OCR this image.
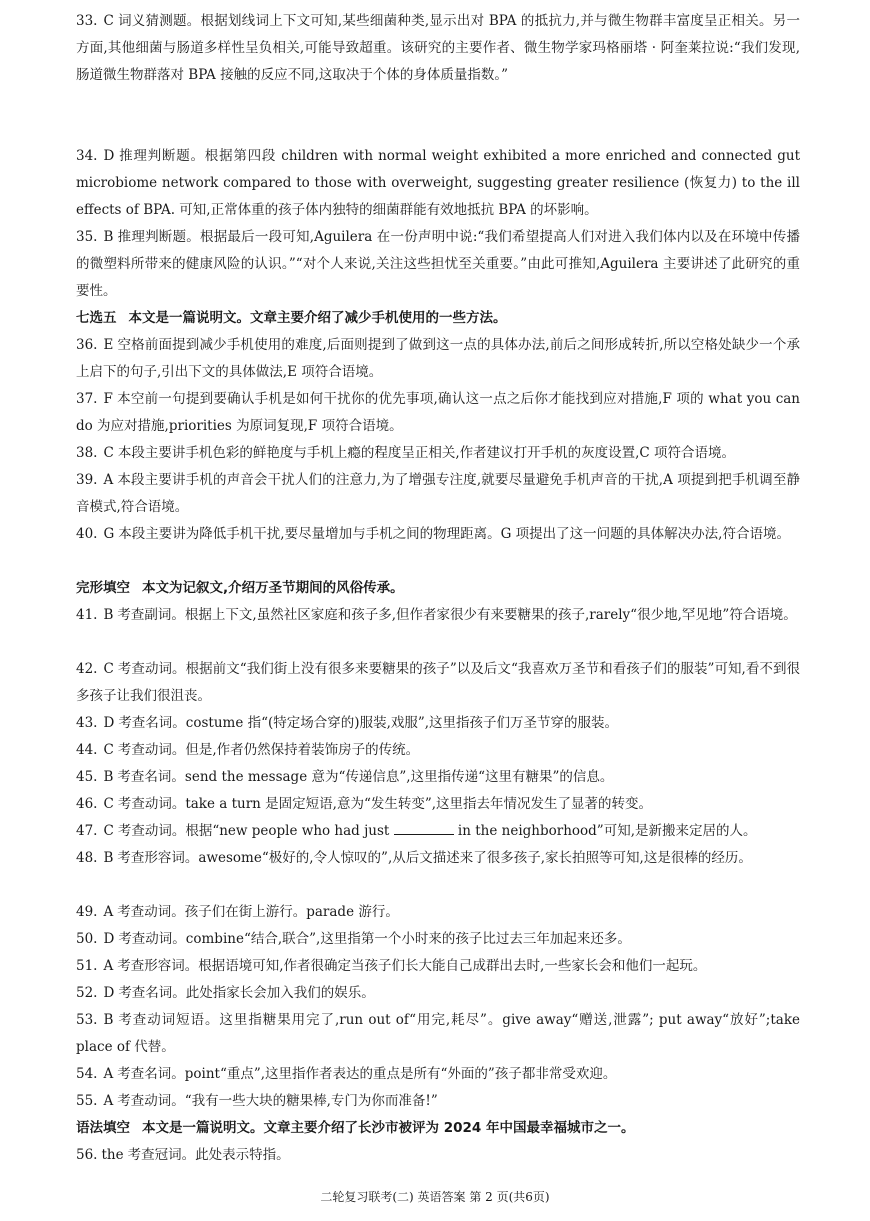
33. C 词义猜测题。根据划线词上下文可知,某些细菌种类,显示出对 BPA 的抵抗力,并与微生物群丰富度呈正相关。另一方面,其他细菌与肠道多样性呈负相关,可能导致超重。该研究的主要作者、微生物学家玛格丽塔 · 阿奎莱拉说:“我们发现,肠道微生物群落对 BPA 接触的反应不同,这取决于个体的身体质量指数。”
34. D 推理判断题。根据第四段 children with normal weight exhibited a more enriched and connected gut microbiome network compared to those with overweight, suggesting greater resilience (恢复力) to the ill effects of BPA. 可知,正常体重的孩子体内独特的细菌群能有效地抵抗 BPA 的坏影响。
35. B 推理判断题。根据最后一段可知,Aguilera 在一份声明中说:“我们希望提高人们对进入我们体内以及在环境中传播的微塑料所带来的健康风险的认识。”“对个人来说,关注这些担忧至关重要。”由此可推知,Aguilera 主要讲述了此研究的重要性。
七选五 本文是一篇说明文。文章主要介绍了减少手机使用的一些方法。
36. E 空格前面提到减少手机使用的难度,后面则提到了做到这一点的具体办法,前后之间形成转折,所以空格处缺少一个承上启下的句子,引出下文的具体做法,E 项符合语境。
37. F 本空前一句提到要确认手机是如何干扰你的优先事项,确认这一点之后你才能找到应对措施,F 项的 what you can do 为应对措施,priorities 为原词复现,F 项符合语境。
38. C 本段主要讲手机色彩的鲜艳度与手机上瘾的程度呈正相关,作者建议打开手机的灰度设置,C 项符合语境。
39. A 本段主要讲手机的声音会干扰人们的注意力,为了增强专注度,就要尽量避免手机声音的干扰,A 项提到把手机调至静音模式,符合语境。
40. G 本段主要讲为降低手机干扰,要尽量增加与手机之间的物理距离。G 项提出了这一问题的具体解决办法,符合语境。
完形填空 本文为记叙文,介绍万圣节期间的风俗传承。
41. B 考查副词。根据上下文,虽然社区家庭和孩子多,但作者家很少有来要糖果的孩子,rarely“很少地,罕见地”符合语境。
42. C 考查动词。根据前文“我们街上没有很多来要糖果的孩子”以及后文“我喜欢万圣节和看孩子们的服装”可知,看不到很多孩子让我们很沮丧。
43. D 考查名词。costume 指“(特定场合穿的)服装,戏服”,这里指孩子们万圣节穿的服装。
44. C 考查动词。但是,作者仍然保持着装饰房子的传统。
45. B 考查名词。send the message 意为“传递信息”,这里指传递“这里有糖果”的信息。
46. C 考查动词。take a turn 是固定短语,意为“发生转变”,这里指去年情况发生了显著的转变。
47. C 考查动词。根据“new people who had just	in the neighborhood”可知,是新搬来定居的人。
48. B 考查形容词。awesome“极好的,令人惊叹的”,从后文描述来了很多孩子,家长拍照等可知,这是很棒的经历。
49. A 考查动词。孩子们在街上游行。parade 游行。
50. D 考查动词。combine“结合,联合”,这里指第一个小时来的孩子比过去三年加起来还多。
51. A 考查形容词。根据语境可知,作者很确定当孩子们长大能自己成群出去时,一些家长会和他们一起玩。
52. D 考查名词。此处指家长会加入我们的娱乐。
53. B 考查动词短语。这里指糖果用完了,run out of“用完,耗尽”。give away“赠送,泄露”; put away“放好”;take place of 代替。
54. A 考查名词。point“重点”,这里指作者表达的重点是所有“外面的”孩子都非常受欢迎。
55. A 考查动词。“我有一些大块的糖果棒,专门为你而准备!”
语法填空 本文是一篇说明文。文章主要介绍了长沙市被评为 2024 年中国最幸福城市之一。
56. the 考查冠词。此处表示特指。
二轮复习联考(二) 英语答案 第 2 页(共6页)
